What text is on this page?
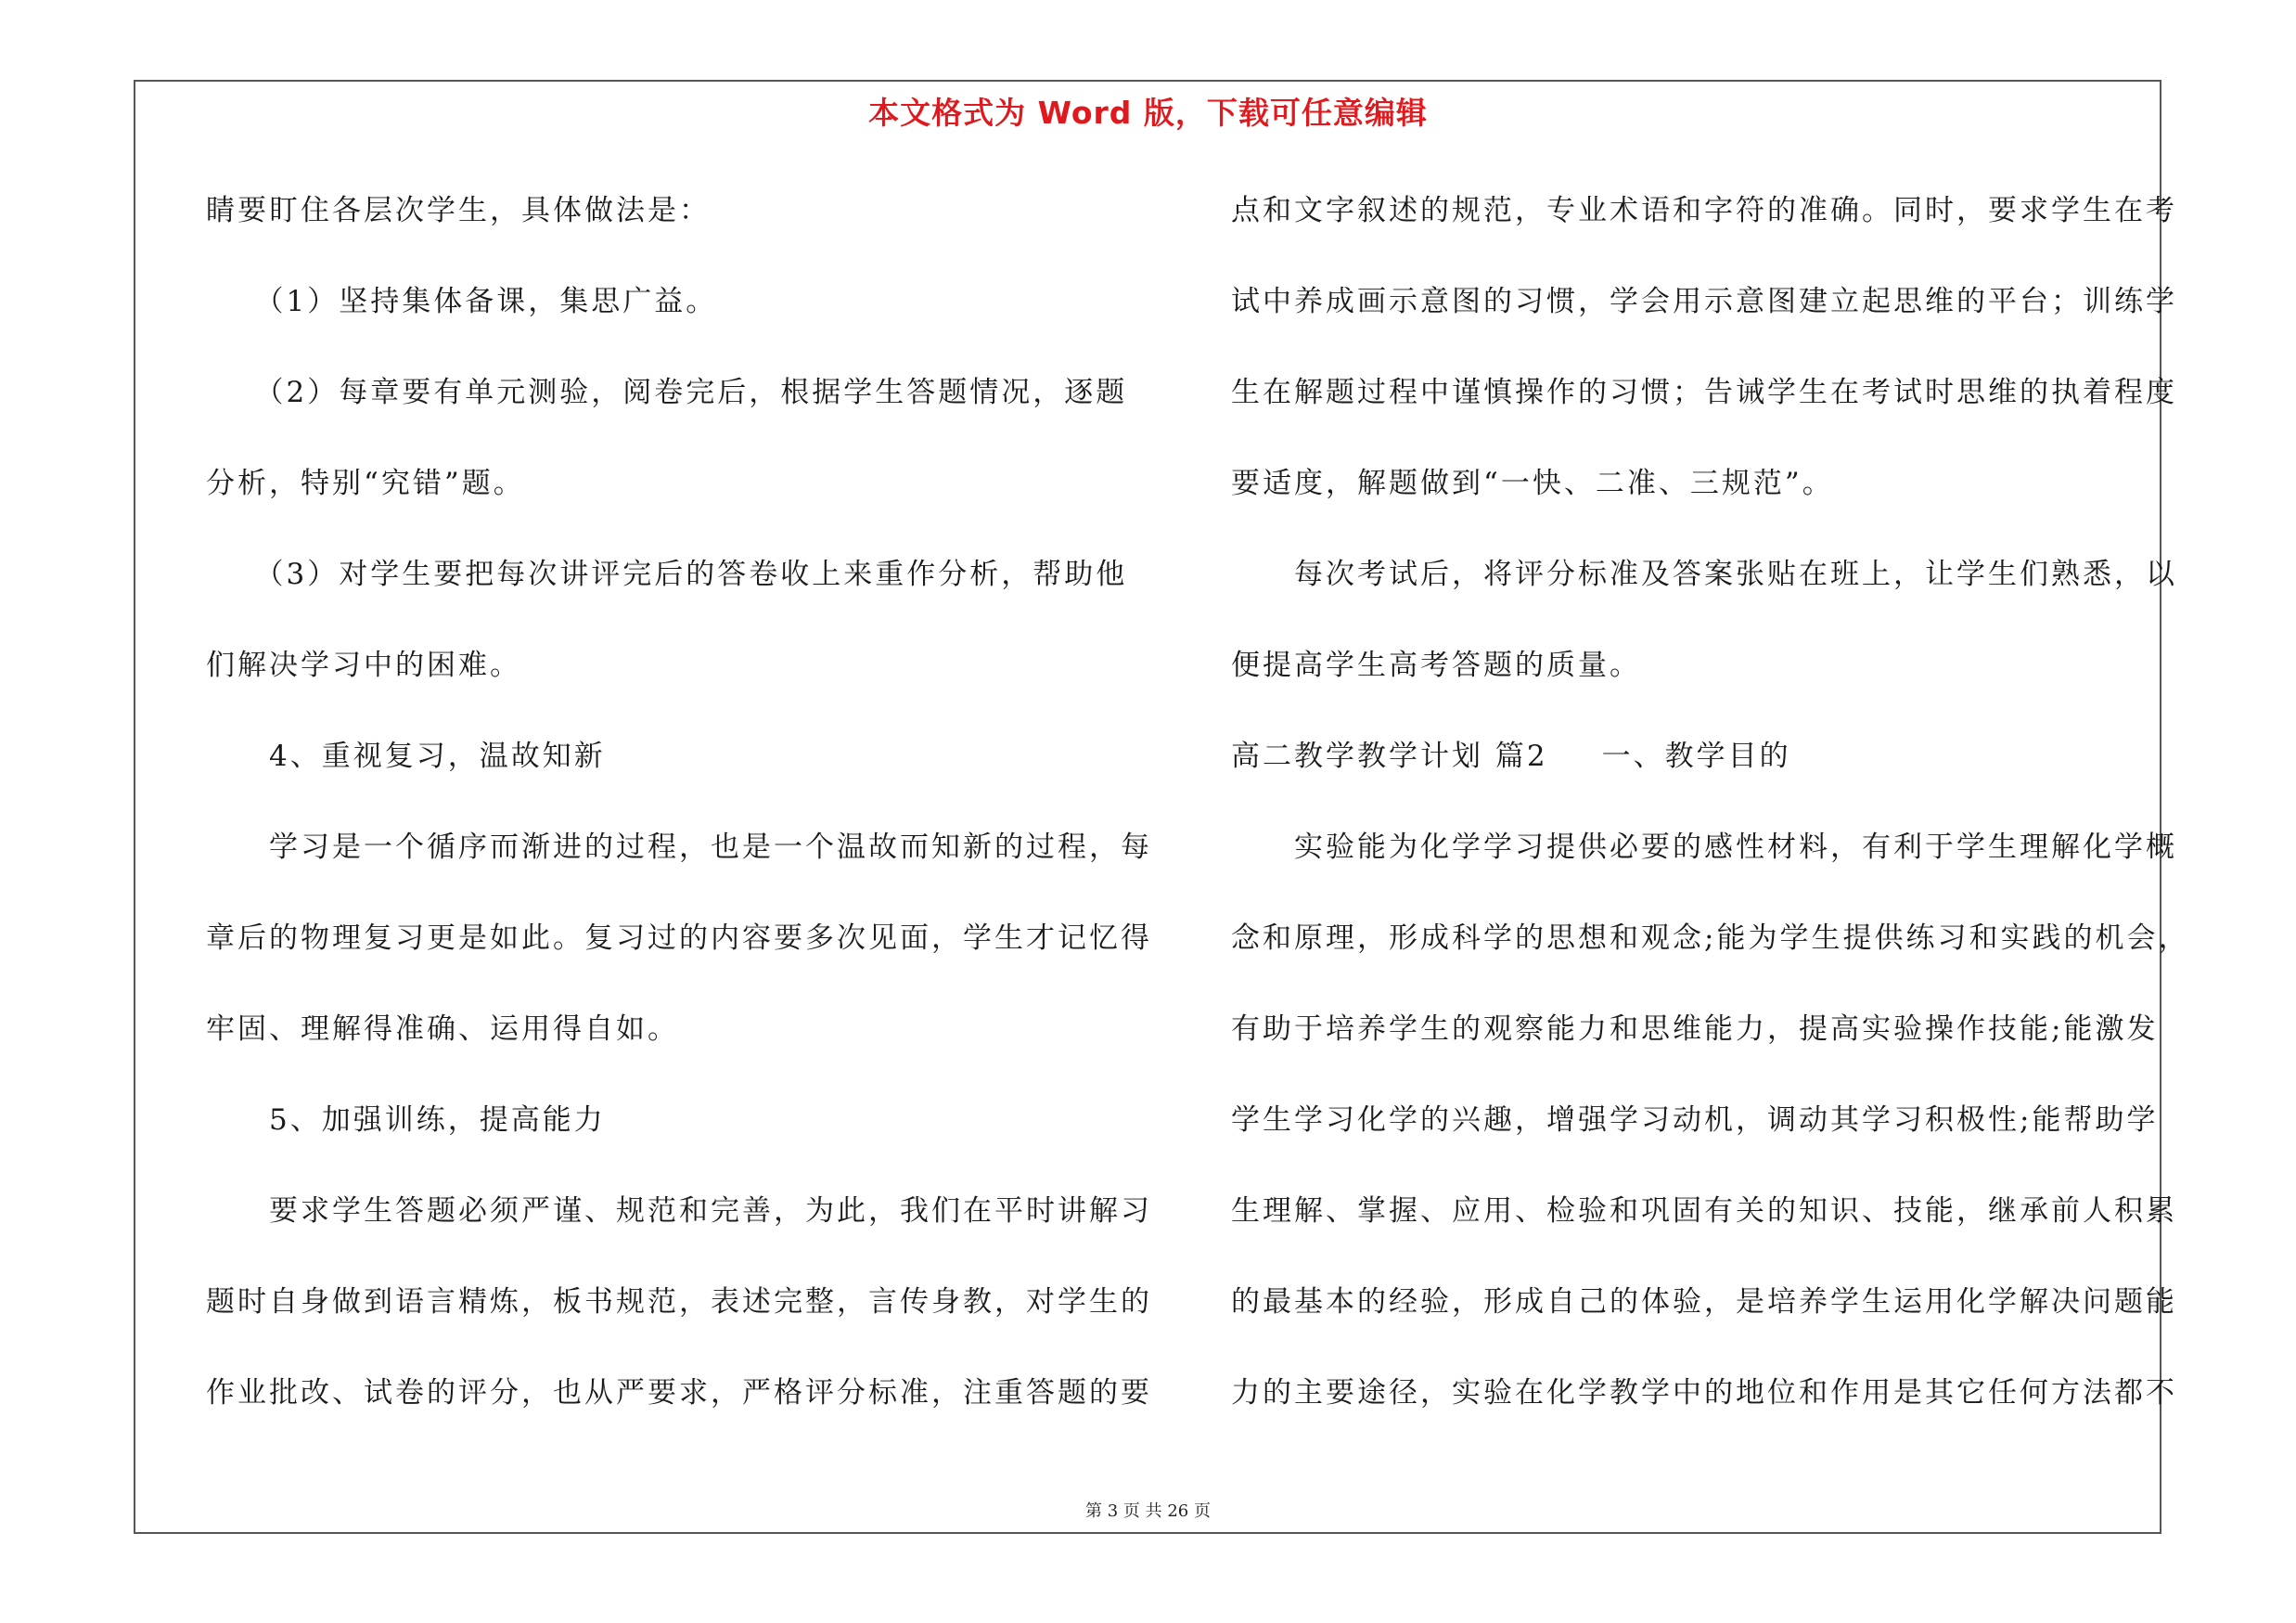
本文格式为 Word 版，下载可任意编辑
睛要盯住各层次学生，具体做法是：
　　（1）坚持集体备课，集思广益。
　　（2）每章要有单元测验，阅卷完后，根据学生答题情况，逐题
分析，特别“究错”题。
　　（3）对学生要把每次讲评完后的答卷收上来重作分析，帮助他
们解决学习中的困难。
　　4、重视复习，温故知新
　　学习是一个循序而渐进的过程，也是一个温故而知新的过程，每
章后的物理复习更是如此。复习过的内容要多次见面，学生才记忆得
牢固、理解得准确、运用得自如。
　　5、加强训练，提高能力
　　要求学生答题必须严谨、规范和完善，为此，我们在平时讲解习
题时自身做到语言精炼，板书规范，表述完整，言传身教，对学生的
作业批改、试卷的评分，也从严要求，严格评分标准，注重答题的要
点和文字叙述的规范，专业术语和字符的准确。同时，要求学生在考
试中养成画示意图的习惯，学会用示意图建立起思维的平台；训练学
生在解题过程中谨慎操作的习惯；告诫学生在考试时思维的执着程度
要适度，解题做到“一快、二准、三规范”。
　　每次考试后，将评分标准及答案张贴在班上，让学生们熟悉，以
便提高学生高考答题的质量。
高二教学教学计划 篇2 一、教学目的
　　实验能为化学学习提供必要的感性材料，有利于学生理解化学概
念和原理，形成科学的思想和观念;能为学生提供练习和实践的机会，
有助于培养学生的观察能力和思维能力，提高实验操作技能;能激发
学生学习化学的兴趣，增强学习动机，调动其学习积极性;能帮助学
生理解、掌握、应用、检验和巩固有关的知识、技能，继承前人积累
的最基本的经验，形成自己的体验，是培养学生运用化学解决问题能
力的主要途径，实验在化学教学中的地位和作用是其它任何方法都不
第 3 页 共 26 页
